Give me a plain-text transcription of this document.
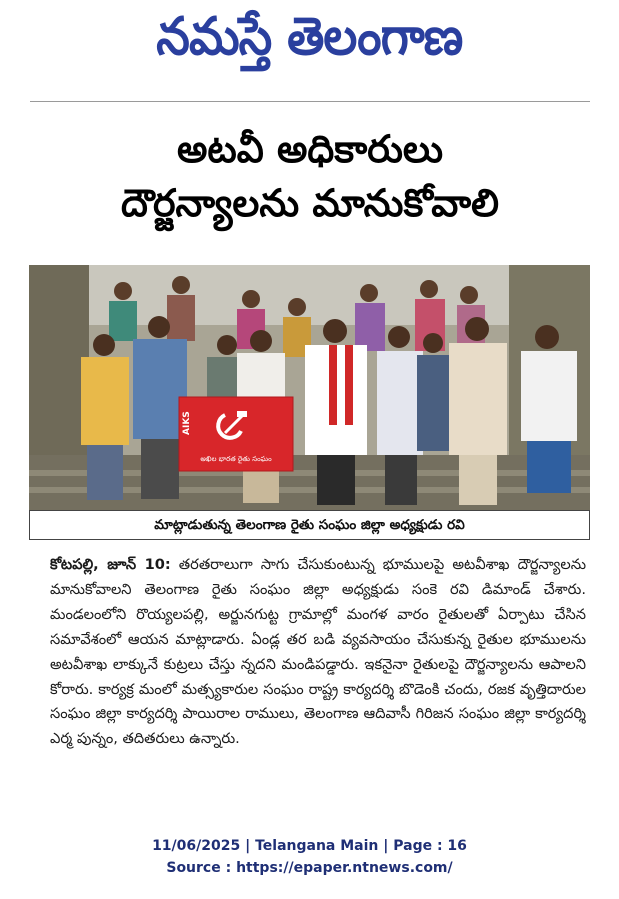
నమస్తే తెలంగాణ
అటవీ అధికారులు
దౌర్జన్యాలను మానుకోవాలి
AIKS
అఖిల భారత రైతు సంఘం
మాట్లాడుతున్న తెలంగాణ రైతు సంఘం జిల్లా అధ్యక్షుడు రవి
కోటపల్లి, జూన్ 10: తరతరాలుగా సాగు చేసుకుంటున్న భూములపై అటవీశాఖ దౌర్జన్యాలను మానుకోవాలని తెలంగాణ రైతు సంఘం జిల్లా అధ్యక్షుడు సంకె రవి డిమాండ్ చేశారు. మండలంలోని రొయ్యలపల్లి, అర్జునగుట్ట గ్రామాల్లో మంగళ వారం రైతులతో ఏర్పాటు చేసిన సమావేశంలో ఆయన మాట్లాడారు. ఏండ్ల తర బడి వ్యవసాయం చేసుకున్న రైతుల భూములను అటవీశాఖ లాక్కునే కుట్రలు చేస్తు న్నదని మండిపడ్డారు. ఇకనైనా రైతులపై దౌర్జన్యాలను ఆపాలని కోరారు. కార్యక్ర మంలో మత్స్యకారుల సంఘం రాష్ట్ర కార్యదర్శి బొడెంకి చందు, రజక వృత్తిదారుల సంఘం జిల్లా కార్యదర్శి పాయిరాల రాములు, తెలంగాణ ఆదివాసీ గిరిజన సంఘం జిల్లా కార్యదర్శి ఎర్మ పున్నం, తదితరులు ఉన్నారు.
11/06/2025 | Telangana Main | Page : 16
Source : https://epaper.ntnews.com/
